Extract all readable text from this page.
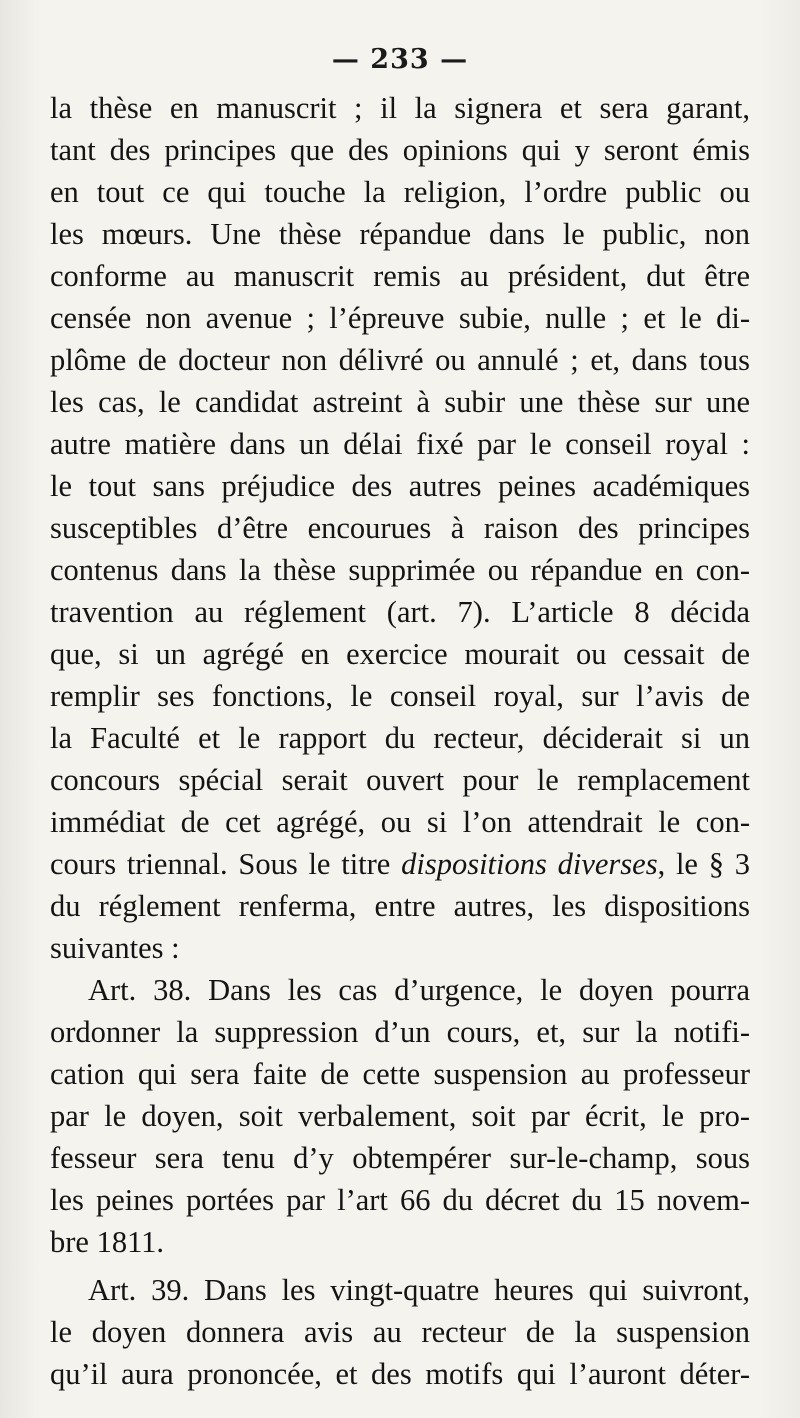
— 233 —
la thèse en manuscrit ; il la signera et sera garant,
tant des principes que des opinions qui y seront émis
en tout ce qui touche la religion, l’ordre public ou
les mœurs. Une thèse répandue dans le public, non
conforme au manuscrit remis au président, dut être
censée non avenue ; l’épreuve subie, nulle ; et le di-
plôme de docteur non délivré ou annulé ; et, dans tous
les cas, le candidat astreint à subir une thèse sur une
autre matière dans un délai fixé par le conseil royal :
le tout sans préjudice des autres peines académiques
susceptibles d’être encourues à raison des principes
contenus dans la thèse supprimée ou répandue en con-
travention au réglement (art. 7). L’article 8 décida
que, si un agrégé en exercice mourait ou cessait de
remplir ses fonctions, le conseil royal, sur l’avis de
la Faculté et le rapport du recteur, déciderait si un
concours spécial serait ouvert pour le remplacement
immédiat de cet agrégé, ou si l’on attendrait le con-
cours triennal. Sous le titre dispositions diverses, le § 3
du réglement renferma, entre autres, les dispositions
suivantes :
Art. 38. Dans les cas d’urgence, le doyen pourra
ordonner la suppression d’un cours, et, sur la notifi-
cation qui sera faite de cette suspension au professeur
par le doyen, soit verbalement, soit par écrit, le pro-
fesseur sera tenu d’y obtempérer sur-le-champ, sous
les peines portées par l’art 66 du décret du 15 novem-
bre 1811.
Art. 39. Dans les vingt-quatre heures qui suivront,
le doyen donnera avis au recteur de la suspension
qu’il aura prononcée, et des motifs qui l’auront déter-
